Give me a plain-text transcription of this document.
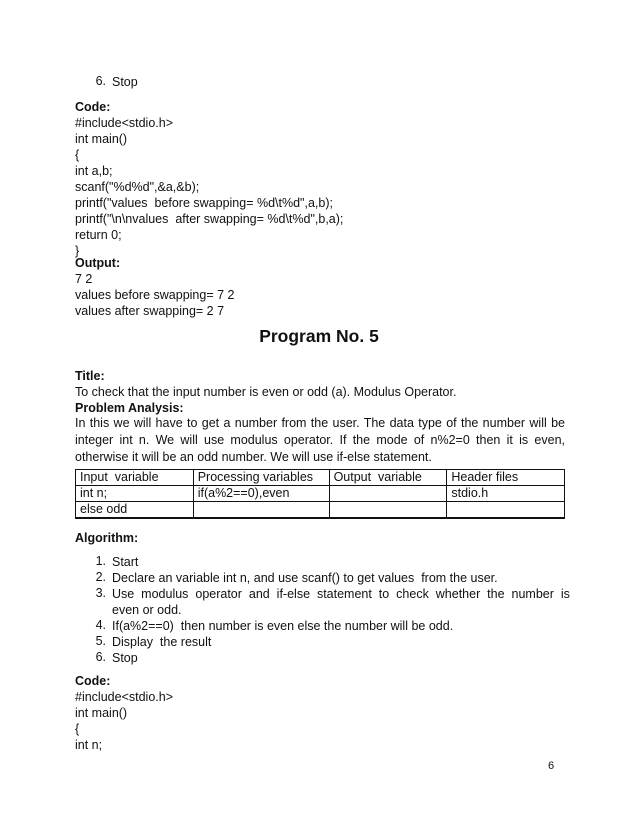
6. Stop
Code:
#include<stdio.h>
int main()
{
int a,b;
scanf("%d%d",&a,&b);
printf("values  before swapping= %d\t%d",a,b);
printf("\n\nvalues  after swapping= %d\t%d",b,a);
return 0;
}
Output:
7 2
values before swapping= 7 2
values after swapping= 2 7
Program No. 5
Title:
To check that the input number is even or odd (a). Modulus Operator.
Problem Analysis:
In this we will have to get a number from the user. The data type of the number will be integer int n. We will use modulus operator. If the mode of n%2=0 then it is even, otherwise it will be an odd number. We will use if-else statement.
Input  variable	Processing variables	Output  variable	Header files
int n;	if(a%2==0),even		stdio.h
else odd			
Algorithm:
1. Start
2. Declare an variable int n, and use scanf() to get values  from the user.
3. Use  modulus  operator  and  if-else  statement  to  check  whether  the  number  is
even or odd.
4. If(a%2==0)  then number is even else the number will be odd.
5. Display  the result
6. Stop
Code:
#include<stdio.h>
int main()
{
int n;
6
